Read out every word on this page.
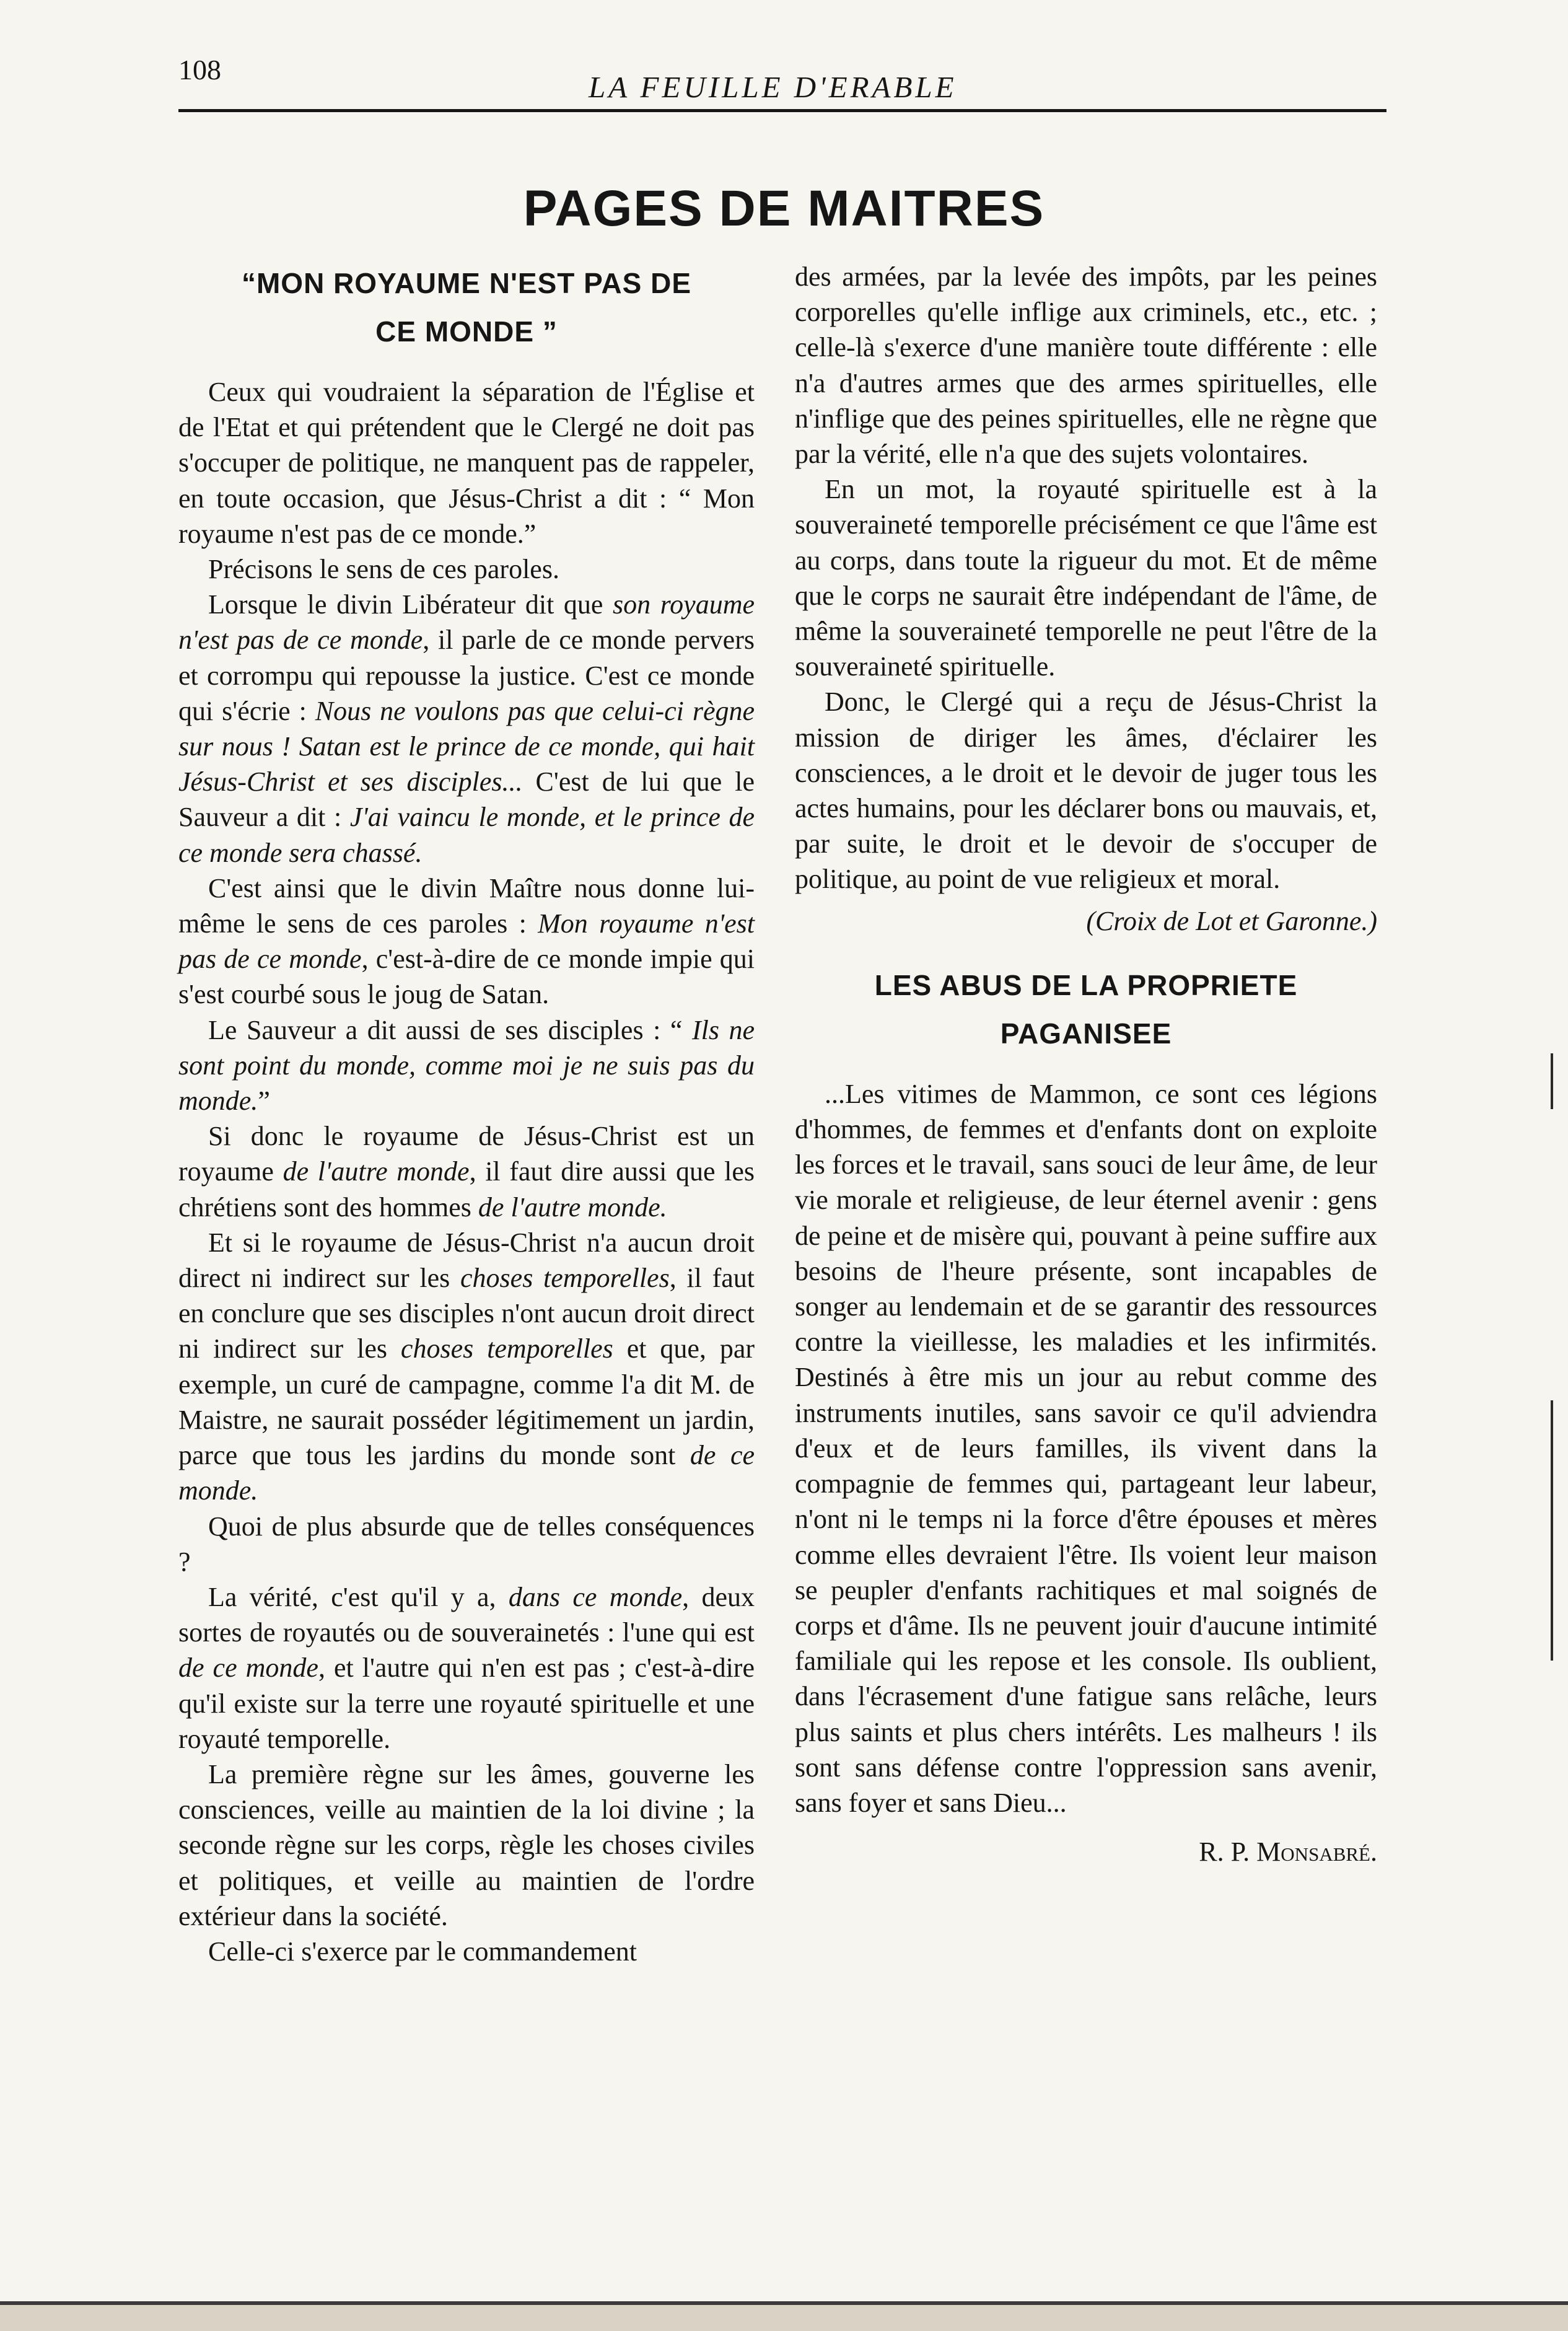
108
LA FEUILLE D'ERABLE
PAGES DE MAITRES
“MON ROYAUME N'EST PAS DE
CE MONDE ”

Ceux qui voudraient la séparation de l'Église et de l'Etat et qui prétendent que le Clergé ne doit pas s'occuper de politique, ne manquent pas de rappeler, en toute occasion, que Jésus-Christ a dit : “ Mon royaume n'est pas de ce monde.”

Précisons le sens de ces paroles.

Lorsque le divin Libérateur dit que son royaume n'est pas de ce monde, il parle de ce monde pervers et corrompu qui repousse la justice. C'est ce monde qui s'écrie : Nous ne voulons pas que celui-ci règne sur nous ! Satan est le prince de ce monde, qui hait Jésus-Christ et ses disciples... C'est de lui que le Sauveur a dit : J'ai vaincu le monde, et le prince de ce monde sera chassé.

C'est ainsi que le divin Maître nous donne lui-même le sens de ces paroles : Mon royaume n'est pas de ce monde, c'est-à-dire de ce monde impie qui s'est courbé sous le joug de Satan.

Le Sauveur a dit aussi de ses disciples : “ Ils ne sont point du monde, comme moi je ne suis pas du monde.”

Si donc le royaume de Jésus-Christ est un royaume de l'autre monde, il faut dire aussi que les chrétiens sont des hommes de l'autre monde.

Et si le royaume de Jésus-Christ n'a aucun droit direct ni indirect sur les choses temporelles, il faut en conclure que ses disciples n'ont aucun droit direct ni indirect sur les choses temporelles et que, par exemple, un curé de campagne, comme l'a dit M. de Maistre, ne saurait posséder légitimement un jardin, parce que tous les jardins du monde sont de ce monde.

Quoi de plus absurde que de telles conséquences ?

La vérité, c'est qu'il y a, dans ce monde, deux sortes de royautés ou de souverainetés : l'une qui est de ce monde, et l'autre qui n'en est pas ; c'est-à-dire qu'il existe sur la terre une royauté spirituelle et une royauté temporelle.

La première règne sur les âmes, gouverne les consciences, veille au maintien de la loi divine ; la seconde règne sur les corps, règle les choses civiles et politiques, et veille au maintien de l'ordre extérieur dans la société.

Celle-ci s'exerce par le commandement

des armées, par la levée des impôts, par les peines corporelles qu'elle inflige aux criminels, etc., etc. ; celle-là s'exerce d'une manière toute différente : elle n'a d'autres armes que des armes spirituelles, elle n'inflige que des peines spirituelles, elle ne règne que par la vérité, elle n'a que des sujets volontaires.

En un mot, la royauté spirituelle est à la souveraineté temporelle précisément ce que l'âme est au corps, dans toute la rigueur du mot. Et de même que le corps ne saurait être indépendant de l'âme, de même la souveraineté temporelle ne peut l'être de la souveraineté spirituelle.

Donc, le Clergé qui a reçu de Jésus-Christ la mission de diriger les âmes, d'éclairer les consciences, a le droit et le devoir de juger tous les actes humains, pour les déclarer bons ou mauvais, et, par suite, le droit et le devoir de s'occuper de politique, au point de vue religieux et moral.

(Croix de Lot et Garonne.)

LES ABUS DE LA PROPRIETE
PAGANISEE

...Les vitimes de Mammon, ce sont ces légions d'hommes, de femmes et d'enfants dont on exploite les forces et le travail, sans souci de leur âme, de leur vie morale et religieuse, de leur éternel avenir : gens de peine et de misère qui, pouvant à peine suffire aux besoins de l'heure présente, sont incapables de songer au lendemain et de se garantir des ressources contre la vieillesse, les maladies et les infirmités. Destinés à être mis un jour au rebut comme des instruments inutiles, sans savoir ce qu'il adviendra d'eux et de leurs familles, ils vivent dans la compagnie de femmes qui, partageant leur labeur, n'ont ni le temps ni la force d'être épouses et mères comme elles devraient l'être. Ils voient leur maison se peupler d'enfants rachitiques et mal soignés de corps et d'âme. Ils ne peuvent jouir d'aucune intimité familiale qui les repose et les console. Ils oublient, dans l'écrasement d'une fatigue sans relâche, leurs plus saints et plus chers intérêts. Les malheurs ! ils sont sans défense contre l'oppression sans avenir, sans foyer et sans Dieu...

R. P. Monsabré.
